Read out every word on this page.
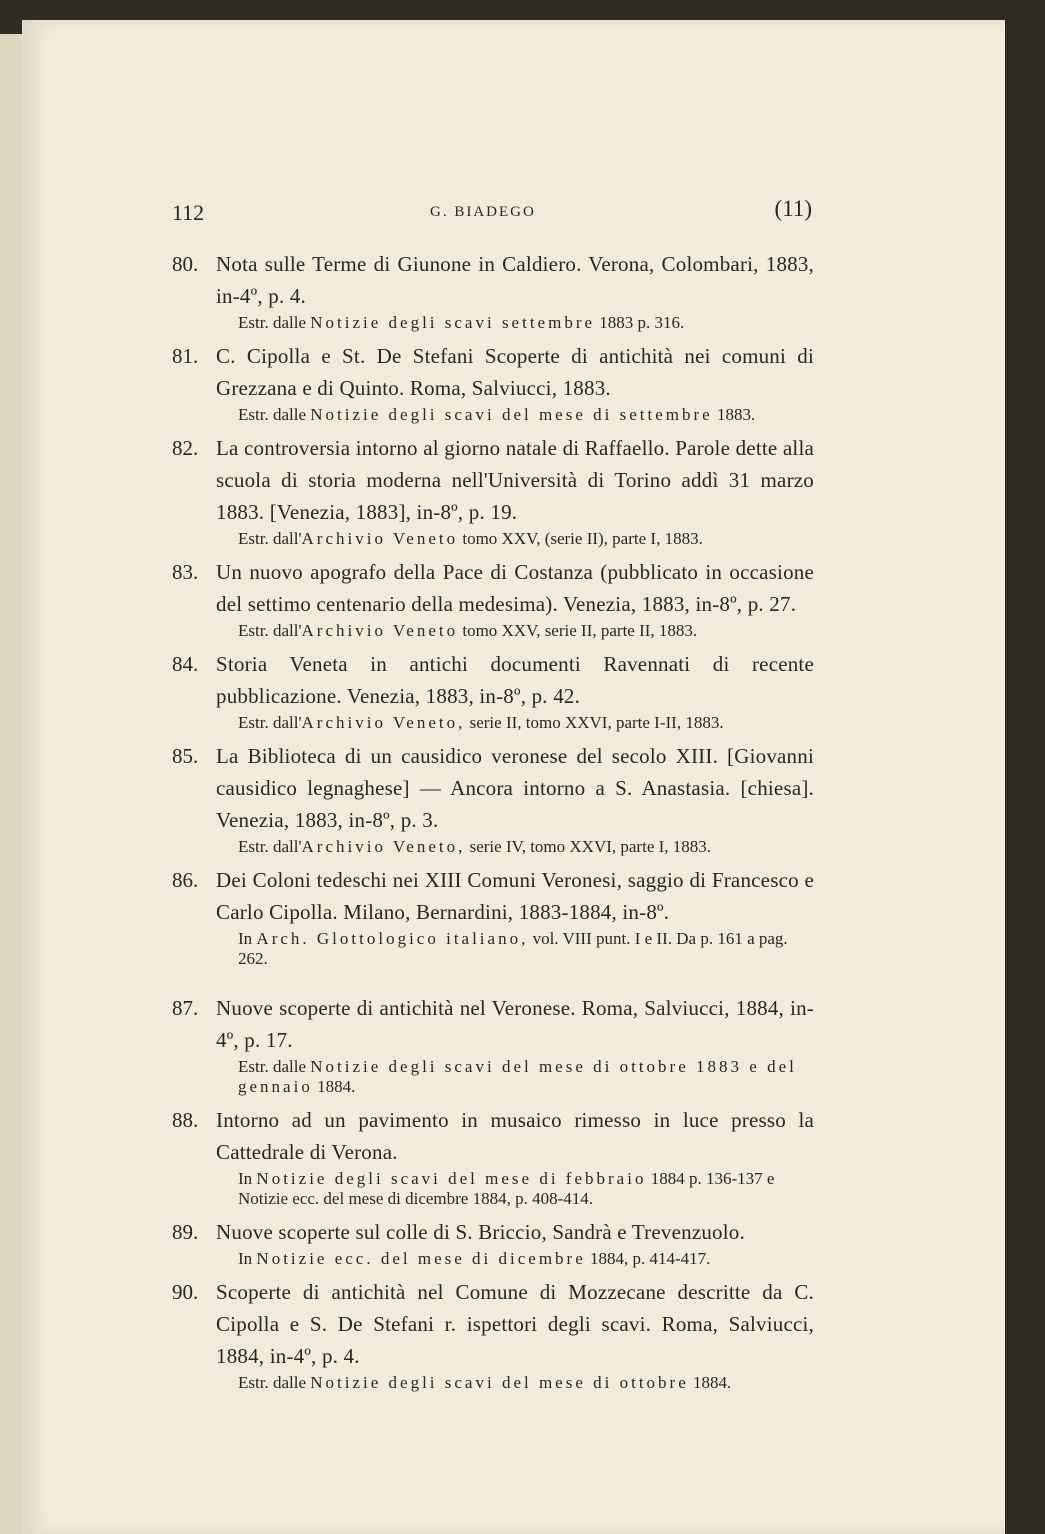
112	G. BIADEGO	(11)
80. Nota sulle Terme di Giunone in Caldiero. Verona, Colombari, 1883, in-4º, p. 4.
Estr. dalle Notizie degli scavi settembre 1883 p. 316.
81. C. Cipolla e St. De Stefani Scoperte di antichità nei comuni di Grezzana e di Quinto. Roma, Salviucci, 1883.
Estr. dalle Notizie degli scavi del mese di settembre 1883.
82. La controversia intorno al giorno natale di Raffaello. Parole dette alla scuola di storia moderna nell'Università di Torino addì 31 marzo 1883. [Venezia, 1883], in-8º, p. 19.
Estr. dall'Archivio Veneto tomo XXV, (serie II), parte I, 1883.
83. Un nuovo apografo della Pace di Costanza (pubblicato in occasione del settimo centenario della medesima). Venezia, 1883, in-8º, p. 27.
Estr. dall'Archivio Veneto tomo XXV, serie II, parte II, 1883.
84. Storia Veneta in antichi documenti Ravennati di recente pubblicazione. Venezia, 1883, in-8º, p. 42.
Estr. dall'Archivio Veneto, serie II, tomo XXVI, parte I-II, 1883.
85. La Biblioteca di un causidico veronese del secolo XIII. [Giovanni causidico legnaghese] — Ancora intorno a S. Anastasia. [chiesa]. Venezia, 1883, in-8º, p. 3.
Estr. dall'Archivio Veneto, serie IV, tomo XXVI, parte I, 1883.
86. Dei Coloni tedeschi nei XIII Comuni Veronesi, saggio di Francesco e Carlo Cipolla. Milano, Bernardini, 1883-1884, in-8º.
In Arch. Glottologico italiano, vol. VIII punt. I e II. Da p. 161 a pag. 262.
87. Nuove scoperte di antichità nel Veronese. Roma, Salviucci, 1884, in-4º, p. 17.
Estr. dalle Notizie degli scavi del mese di ottobre 1883 e del gennaio 1884.
88. Intorno ad un pavimento in musaico rimesso in luce presso la Cattedrale di Verona.
In Notizie degli scavi del mese di febbraio 1884 p. 136-137 e Notizie ecc. del mese di dicembre 1884, p. 408-414.
89. Nuove scoperte sul colle di S. Briccio, Sandrà e Trevenzuolo.
In Notizie ecc. del mese di dicembre 1884, p. 414-417.
90. Scoperte di antichità nel Comune di Mozzecane descritte da C. Cipolla e S. De Stefani r. ispettori degli scavi. Roma, Salviucci, 1884, in-4º, p. 4.
Estr. dalle Notizie degli scavi del mese di ottobre 1884.
